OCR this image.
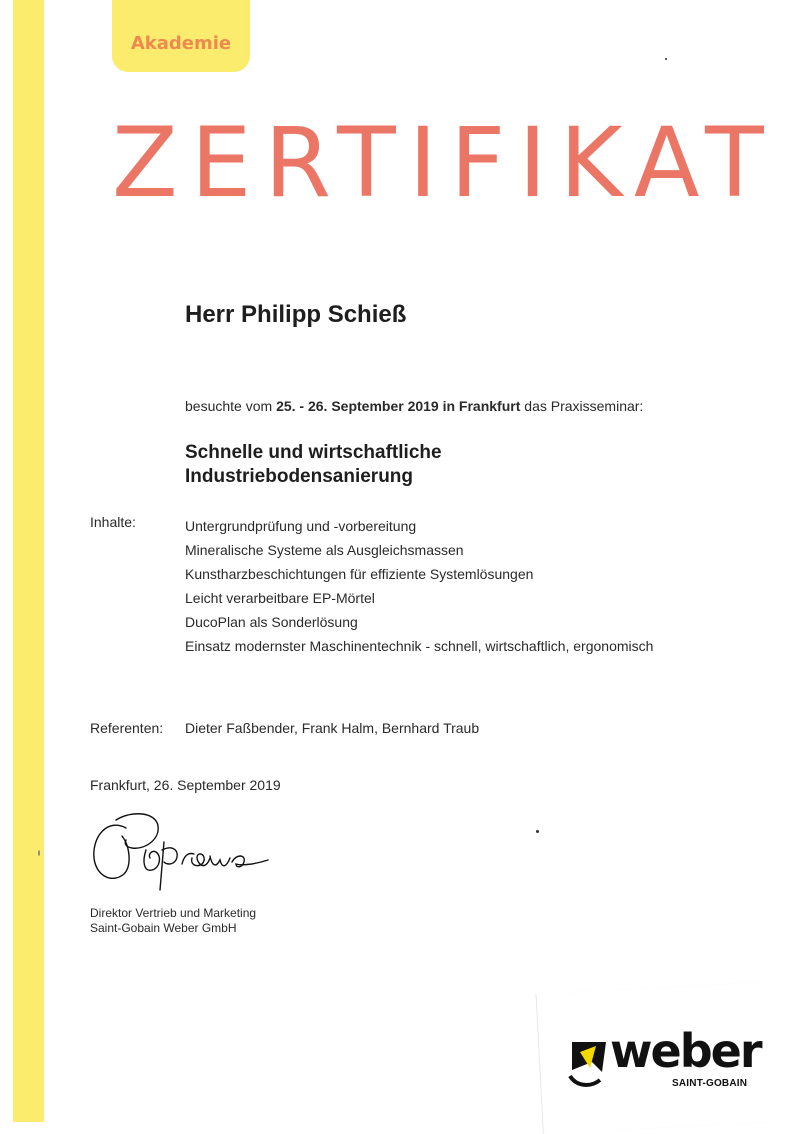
Akademie
ZERTIFIKAT
Herr Philipp Schieß
besuchte vom 25. - 26. September 2019 in Frankfurt das Praxisseminar:
Schnelle und wirtschaftliche
Industriebodensanierung
Inhalte:	Untergrundprüfung und -vorbereitung
Mineralische Systeme als Ausgleichsmassen
Kunstharzbeschichtungen für effiziente Systemlösungen
Leicht verarbeitbare EP-Mörtel
DucoPlan als Sonderlösung
Einsatz modernster Maschinentechnik - schnell, wirtschaftlich, ergonomisch
Referenten: Dieter Faßbender, Frank Halm, Bernhard Traub
Frankfurt, 26. September 2019
Direktor Vertrieb und Marketing
Saint-Gobain Weber GmbH
weber
SAINT-GOBAIN
